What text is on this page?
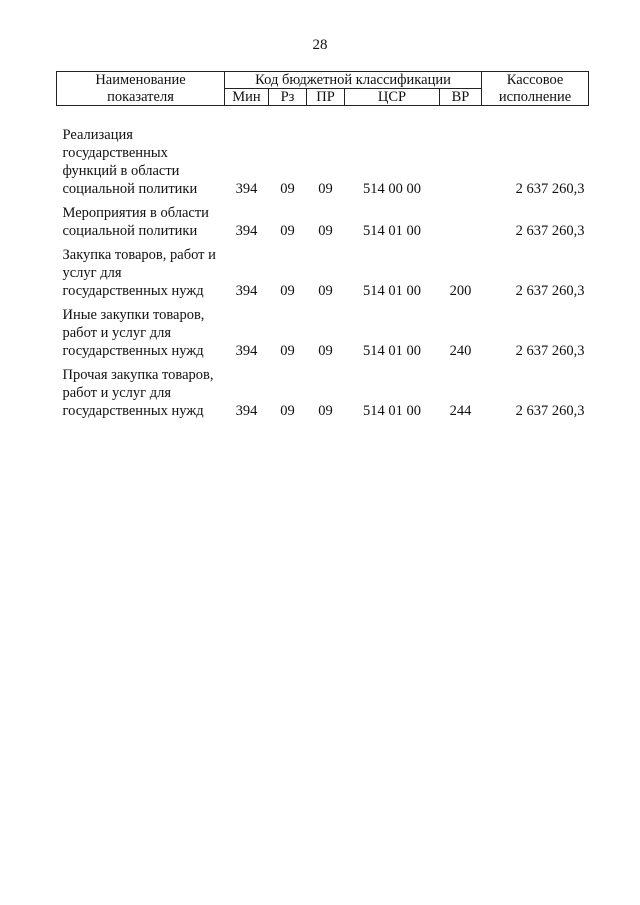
28
Наименование	Код бюджетной классификации					Кассовое
показателя	Мин	Рз	ПР	ЦСР	ВР	исполнение

Реализация государственных функций в области социальной политики	394	09	09	514 00 00		2 637 260,3
Мероприятия в области социальной политики	394	09	09	514 01 00		2 637 260,3
Закупка товаров, работ и услуг для государственных нужд	394	09	09	514 01 00	200	2 637 260,3
Иные закупки товаров, работ и услуг для государственных нужд	394	09	09	514 01 00	240	2 637 260,3
Прочая закупка товаров, работ и услуг для государственных нужд	394	09	09	514 01 00	244	2 637 260,3
